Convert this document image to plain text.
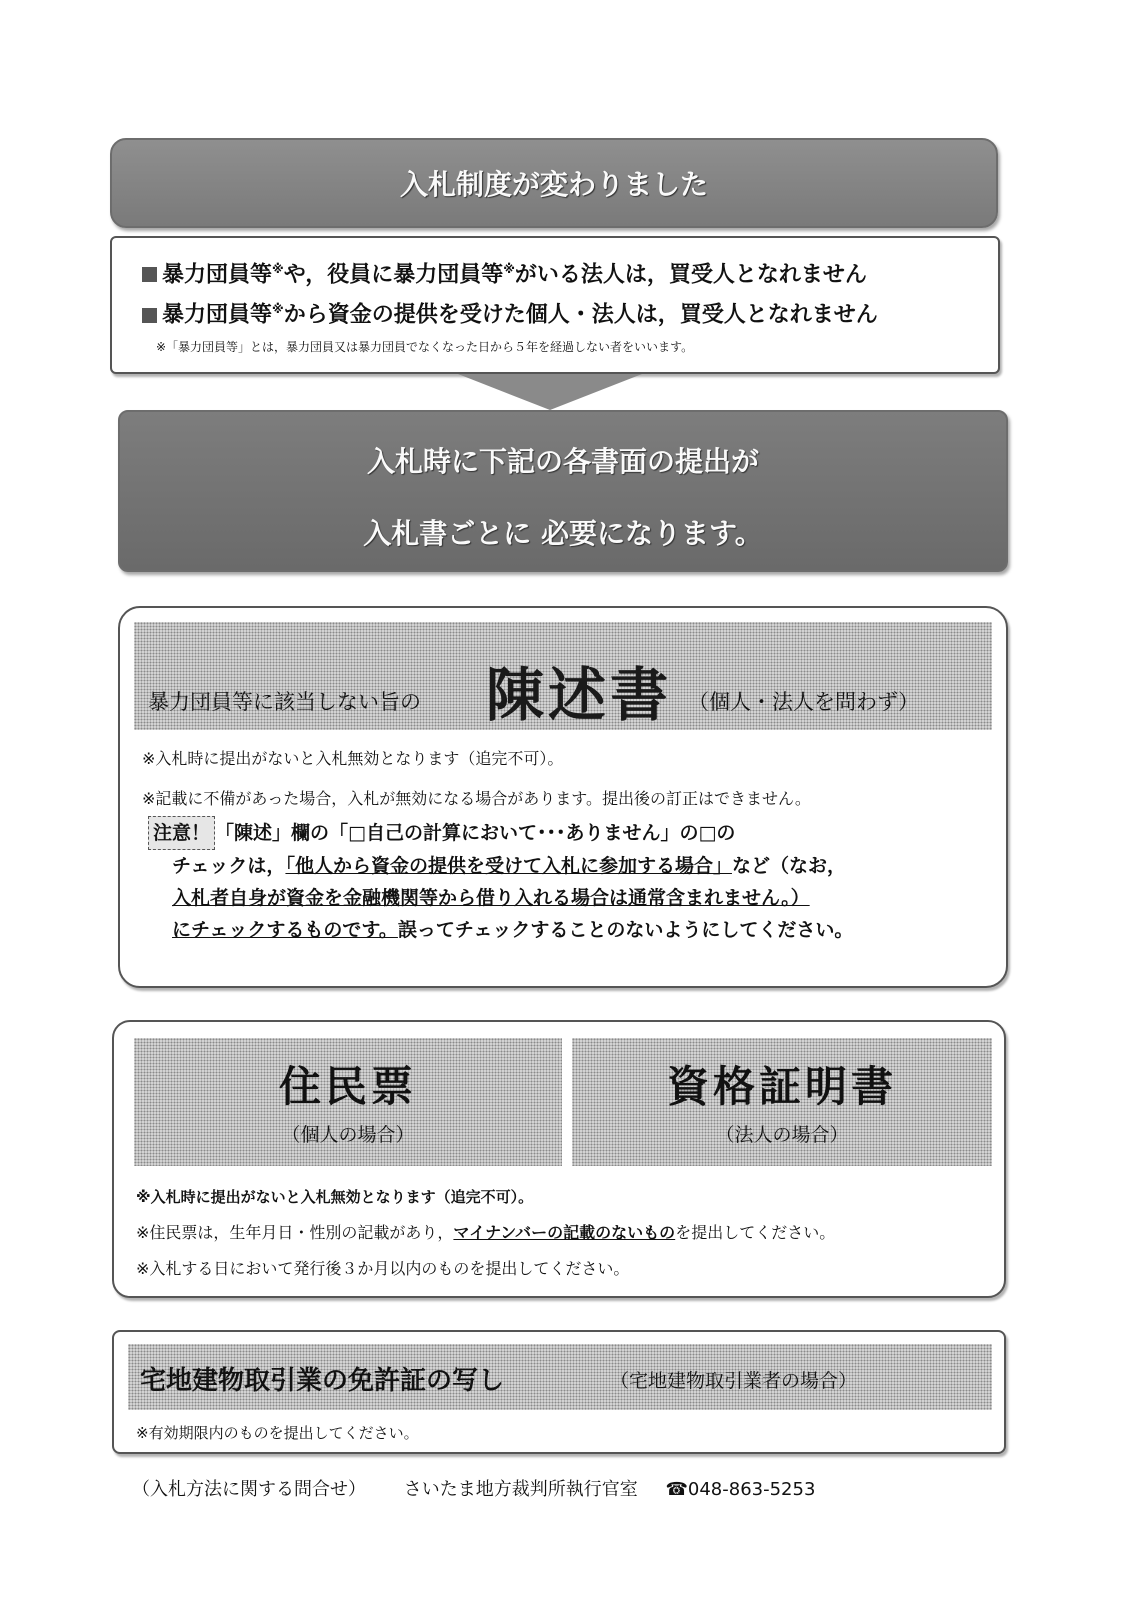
入札制度が変わりました
暴力団員等※や，役員に暴力団員等※がいる法人は，買受人となれません
暴力団員等※から資金の提供を受けた個人・法人は，買受人となれません
※「暴力団員等」とは，暴力団員又は暴力団員でなくなった日から５年を経過しない者をいいます。
入札時に下記の各書面の提出が
入札書ごとに 必要になります。
暴力団員等に該当しない旨の 陳述書 （個人・法人を問わず）
※入札時に提出がないと入札無効となります（追完不可）。
※記載に不備があった場合，入札が無効になる場合があります。提出後の訂正はできません。
注意！ 「陳述」欄の「□自己の計算において･･･ありません」の□の
チェックは，「他人から資金の提供を受けて入札に参加する場合」など（なお，
入札者自身が資金を金融機関等から借り入れる場合は通常含まれません。）
にチェックするものです。誤ってチェックすることのないようにしてください。
住民票
（個人の場合）
資格証明書
（法人の場合）
※入札時に提出がないと入札無効となります（追完不可）。
※住民票は，生年月日・性別の記載があり，マイナンバーの記載のないものを提出してください。
※入札する日において発行後３か月以内のものを提出してください。
宅地建物取引業の免許証の写し	（宅地建物取引業者の場合）
※有効期限内のものを提出してください。
（入札方法に関する問合せ） さいたま地方裁判所執行官室 ☎048-863-5253
